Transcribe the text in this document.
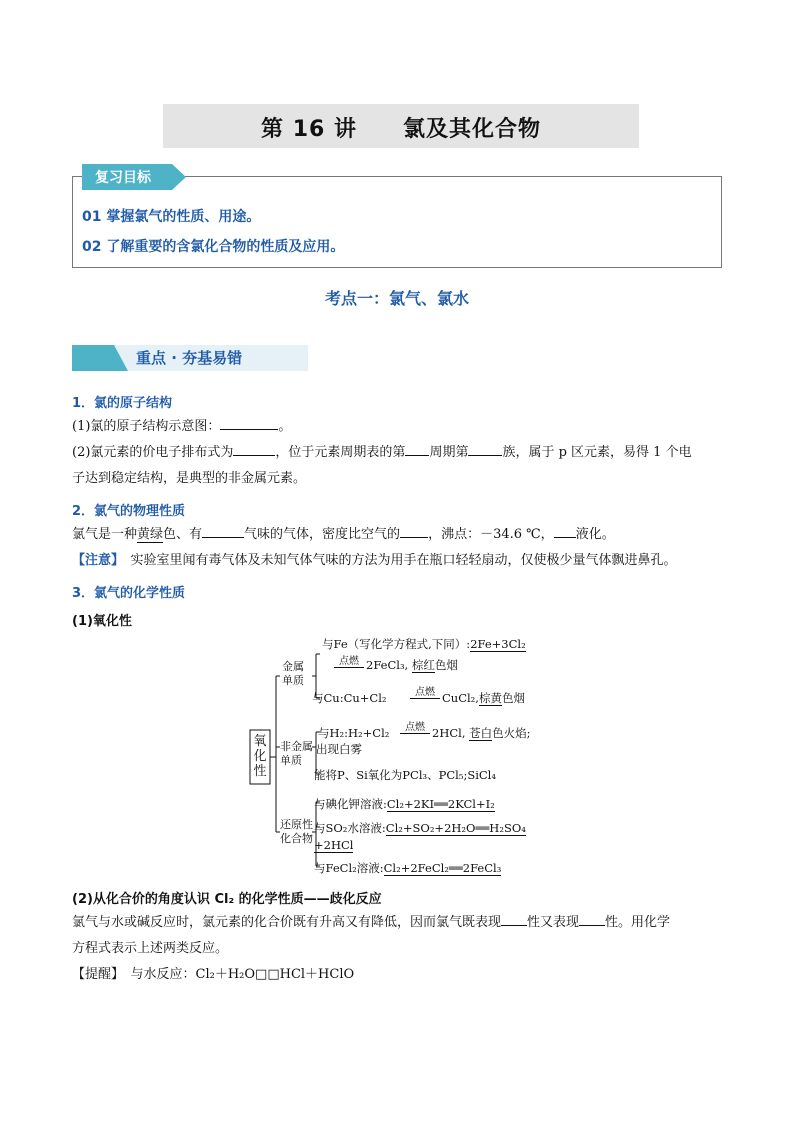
第 16 讲　　氯及其化合物
复习目标
01 掌握氯气的性质、用途。
02 了解重要的含氯化合物的性质及应用。
考点一：氯气、氯水
重点 · 夯基易错
1．氯的原子结构
(1)氯的原子结构示意图：	。
(2)氯元素的价电子排布式为	，位于元素周期表的第 周期第	族，属于 p 区元素，易得 1 个电
子达到稳定结构，是典型的非金属元素。
2．氯气的物理性质
氯气是一种黄绿色、有	气味的气体，密度比空气的 ，沸点：－34.6 ℃， 液化。
【注意】　实验室里闻有毒气体及未知气体气味的方法为用手在瓶口轻轻扇动，仅使极少量气体飘进鼻孔。
3．氯气的化学性质
(1)氧化性
氧化性
金属单质
非金属单质
还原性化合物
与Fe（写化学方程式,下同）:2Fe+3Cl₂
点燃 2FeCl₃, 棕红色烟
与Cu:Cu+Cl₂	点燃 CuCl₂,棕黄色烟
与H₂:H₂+Cl₂	点燃 2HCl, 苍白色火焰;
出现白雾
能将P、Si氧化为PCl₃、PCl₅;SiCl₄
与碘化钾溶液:Cl₂+2KI══2KCl+I₂
与SO₂水溶液:Cl₂+SO₂+2H₂O══H₂SO₄
+2HCl
与FeCl₂溶液:Cl₂+2FeCl₂══2FeCl₃
(2)从化合价的角度认识 Cl₂ 的化学性质——歧化反应
氯气与水或碱反应时，氯元素的化合价既有升高又有降低，因而氯气既表现 性又表现 性。用化学
方程式表示上述两类反应。
【提醒】　与水反应：Cl₂＋H₂O□□HCl＋HClO
